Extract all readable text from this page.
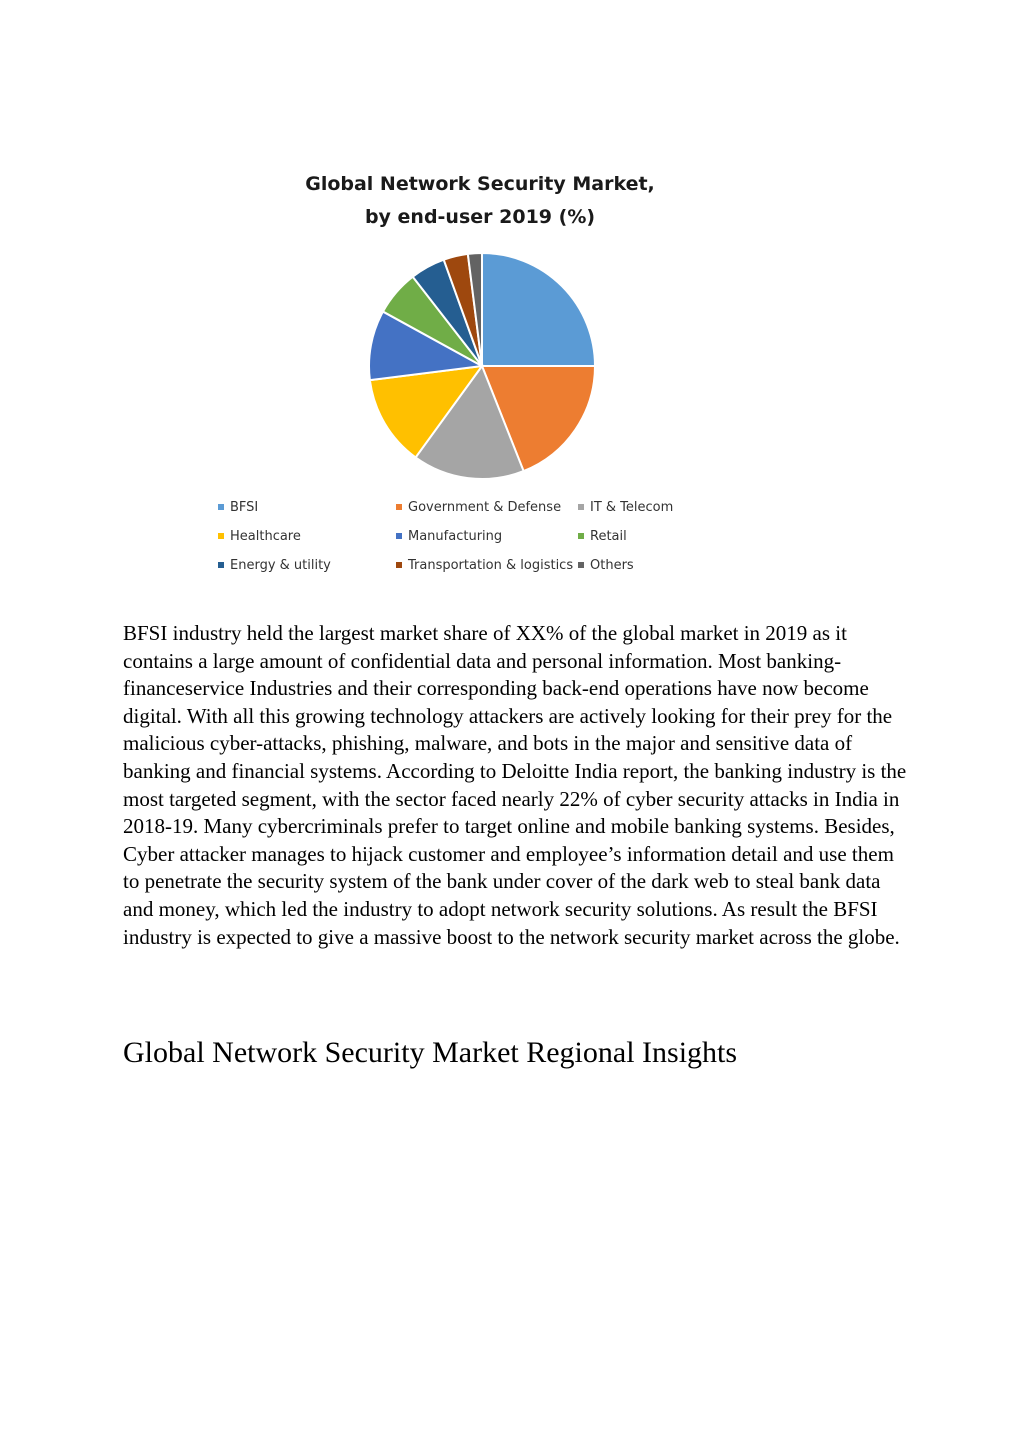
Global Network Security Market,
by end-user 2019 (%)
BFSI	Government & Defense	IT & Telecom
Healthcare	Manufacturing	Retail
Energy & utility	Transportation & logistics	Others

BFSI industry held the largest market share of XX% of the global market in 2019 as it contains a large amount of confidential data and personal information. Most banking-financeservice Industries and their corresponding back-end operations have now become digital. With all this growing technology attackers are actively looking for their prey for the malicious cyber-attacks, phishing, malware, and bots in the major and sensitive data of banking and financial systems. According to Deloitte India report, the banking industry is the most targeted segment, with the sector faced nearly 22% of cyber security attacks in India in 2018-19. Many cybercriminals prefer to target online and mobile banking systems. Besides, Cyber attacker manages to hijack customer and employee’s information detail and use them to penetrate the security system of the bank under cover of the dark web to steal bank data and money, which led the industry to adopt network security solutions. As result the BFSI industry is expected to give a massive boost to the network security market across the globe.

Global Network Security Market Regional Insights
